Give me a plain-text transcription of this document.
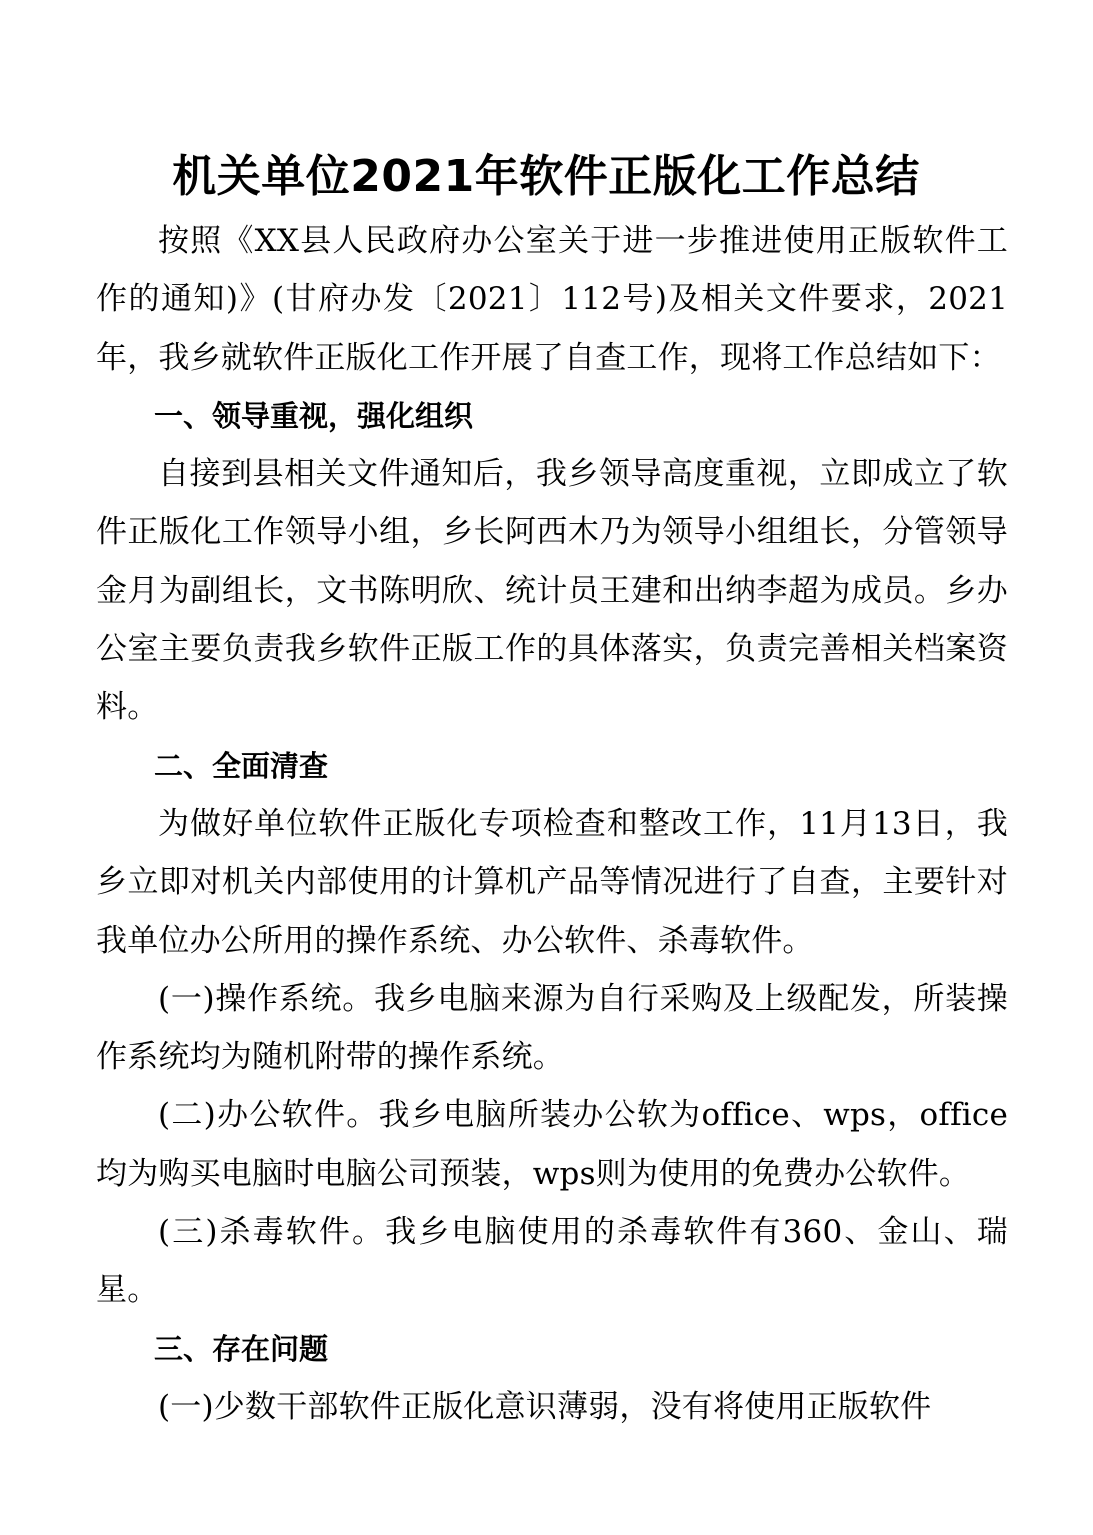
机关单位2021年软件正版化工作总结

按照《XX县人民政府办公室关于进一步推进使用正版软件工作的通知)》(甘府办发〔2021〕112号)及相关文件要求，2021年，我乡就软件正版化工作开展了自查工作，现将工作总结如下：

一、领导重视，强化组织

自接到县相关文件通知后，我乡领导高度重视，立即成立了软件正版化工作领导小组，乡长阿西木乃为领导小组组长，分管领导金月为副组长，文书陈明欣、统计员王建和出纳李超为成员。乡办公室主要负责我乡软件正版工作的具体落实，负责完善相关档案资料。

二、全面清查

为做好单位软件正版化专项检查和整改工作，11月13日，我乡立即对机关内部使用的计算机产品等情况进行了自查，主要针对我单位办公所用的操作系统、办公软件、杀毒软件。

(一)操作系统。我乡电脑来源为自行采购及上级配发，所装操作系统均为随机附带的操作系统。

(二)办公软件。我乡电脑所装办公软为office、wps，office均为购买电脑时电脑公司预装，wps则为使用的免费办公软件。

(三)杀毒软件。我乡电脑使用的杀毒软件有360、金山、瑞星。

三、存在问题

(一)少数干部软件正版化意识薄弱，没有将使用正版软件
